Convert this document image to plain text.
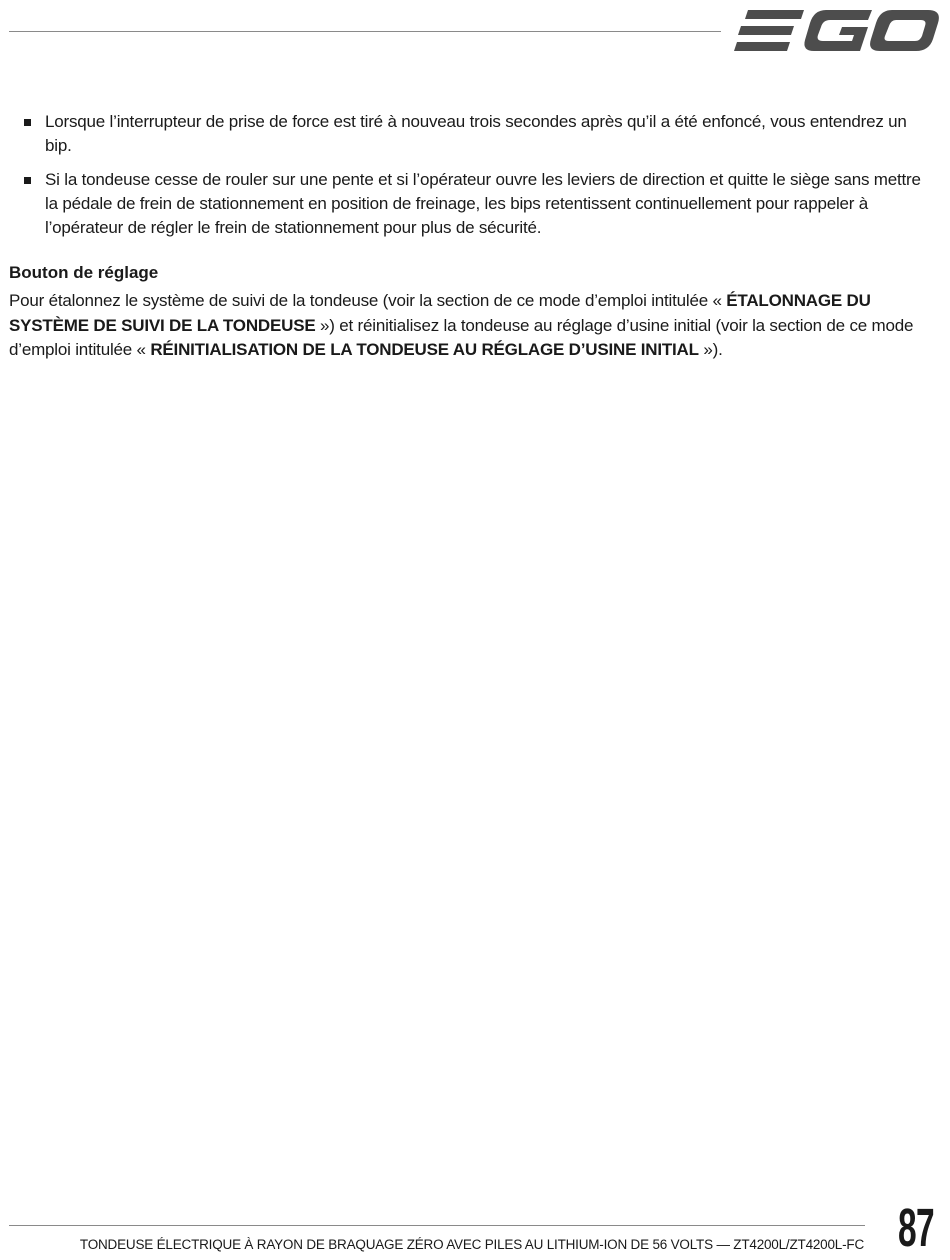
Lorsque l’interrupteur de prise de force est tiré à nouveau trois secondes après qu’il a été enfoncé, vous entendrez un bip.
Si la tondeuse cesse de rouler sur une pente et si l’opérateur ouvre les leviers de direction et quitte le siège sans mettre la pédale de frein de stationnement en position de freinage, les bips retentissent continuellement pour rappeler à l’opérateur de régler le frein de stationnement pour plus de sécurité.
Bouton de réglage

Pour étalonnez le système de suivi de la tondeuse (voir la section de ce mode d’emploi intitulée « ÉTALONNAGE DU SYSTÈME DE SUIVI DE LA TONDEUSE ») et réinitialisez la tondeuse au réglage d’usine initial (voir la section de ce mode d’emploi intitulée « RÉINITIALISATION DE LA TONDEUSE AU RÉGLAGE D’USINE INITIAL »).

TONDEUSE ÉLECTRIQUE À RAYON DE BRAQUAGE ZÉRO AVEC PILES AU LITHIUM-ION DE 56 VOLTS — ZT4200L/ZT4200L-FC 87
